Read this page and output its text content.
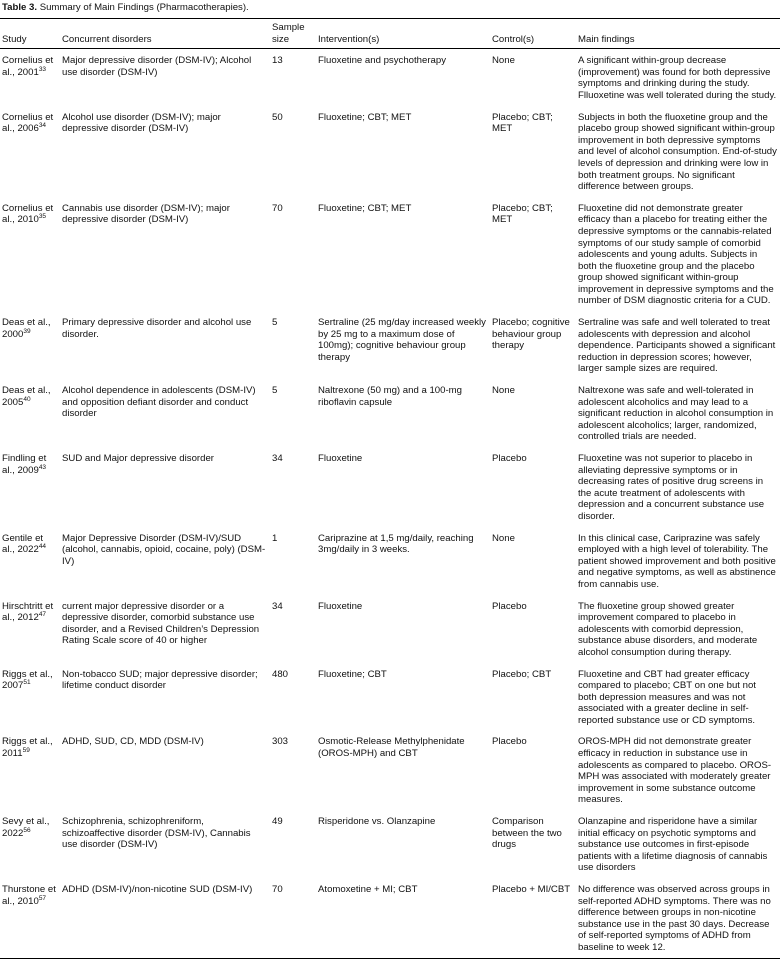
Table 3. Summary of Main Findings (Pharmacotherapies).
Study	Concurrent disorders	Sample size	Intervention(s)	Control(s)	Main findings
Cornelius et al., 2001$^{33}$	Major depressive disorder (DSM-IV); Alcohol use disorder (DSM-IV)	13	Fluoxetine and psychotherapy	None	A significant within-group decrease (improvement) was found for both depressive symptoms and drinking during the study. Flluoxetine was well tolerated during the study.
Cornelius et al., 2006$^{34}$	Alcohol use disorder (DSM-IV); major depressive disorder (DSM-IV)	50	Fluoxetine; CBT; MET	Placebo; CBT; MET	Subjects in both the fluoxetine group and the placebo group showed significant within-group improvement in both depressive symptoms and level of alcohol consumption. End-of-study levels of depression and drinking were low in both treatment groups. No significant difference between groups.
Cornelius et al., 2010$^{35}$	Cannabis use disorder (DSM-IV); major depressive disorder (DSM-IV)	70	Fluoxetine; CBT; MET	Placebo; CBT; MET	Fluoxetine did not demonstrate greater efficacy than a placebo for treating either the depressive symptoms or the cannabis-related symptoms of our study sample of comorbid adolescents and young adults. Subjects in both the fluoxetine group and the placebo group showed significant within-group improvement in depressive symptoms and the number of DSM diagnostic criteria for a CUD.
Deas et al., 2000$^{39}$	Primary depressive disorder and alcohol use disorder.	5	Sertraline (25 mg/day increased weekly by 25 mg to a maximum dose of 100mg); cognitive behaviour group therapy	Placebo; cognitive behaviour group therapy	Sertraline was safe and well tolerated to treat adolescents with depression and alcohol dependence. Participants showed a significant reduction in depression scores; however, larger sample sizes are required.
Deas et al., 2005$^{40}$	Alcohol dependence in adolescents (DSM-IV) and opposition defiant disorder and conduct disorder	5	Naltrexone (50 mg) and a 100-mg riboflavin capsule	None	Naltrexone was safe and well-tolerated in adolescent alcoholics and may lead to a significant reduction in alcohol consumption in adolescent alcoholics; larger, randomized, controlled trials are needed.
Findling et al., 2009$^{43}$	SUD and Major depressive disorder	34	Fluoxetine	Placebo	Fluoxetine was not superior to placebo in alleviating depressive symptoms or in decreasing rates of positive drug screens in the acute treatment of adolescents with depression and a concurrent substance use disorder.
Gentile et al., 2022$^{44}$	Major Depressive Disorder (DSM-IV)/SUD (alcohol, cannabis, opioid, cocaine, poly) (DSM-IV)	1	Cariprazine at 1,5 mg/daily, reaching 3mg/daily in 3 weeks.	None	In this clinical case, Cariprazine was safely employed with a high level of tolerability. The patient showed improvement and both positive and negative symptoms, as well as abstinence from cannabis use.
Hirschtritt et al., 2012$^{47}$	current major depressive disorder or a depressive disorder, comorbid substance use disorder, and a Revised Children’s Depression Rating Scale score of 40 or higher	34	Fluoxetine	Placebo	The fluoxetine group showed greater improvement compared to placebo in adolescents with comorbid depression, substance abuse disorders, and moderate alcohol consumption during therapy.
Riggs et al., 2007$^{51}$	Non-tobacco SUD; major depressive disorder; lifetime conduct disorder	480	Fluoxetine; CBT	Placebo; CBT	Fluoxetine and CBT had greater efficacy compared to placebo; CBT on one but not both depression measures and was not associated with a greater decline in self-reported substance use or CD symptoms.
Riggs et al., 2011$^{59}$	ADHD, SUD, CD, MDD (DSM-IV)	303	Osmotic-Release Methylphenidate (OROS-MPH) and CBT	Placebo	OROS-MPH did not demonstrate greater efficacy in reduction in substance use in adolescents as compared to placebo. OROS-MPH was associated with moderately greater improvement in some substance outcome measures.
Sevy et al., 2022$^{56}$	Schizophrenia, schizophreniform, schizoaffective disorder (DSM-IV), Cannabis use disorder (DSM-IV)	49	Risperidone vs. Olanzapine	Comparison between the two drugs	Olanzapine and risperidone have a similar initial efficacy on psychotic symptoms and substance use outcomes in first-episode patients with a lifetime diagnosis of cannabis use disorders
Thurstone et al., 2010$^{57}$	ADHD (DSM-IV)/non-nicotine SUD (DSM-IV)	70	Atomoxetine + MI; CBT	Placebo + MI/CBT	No difference was observed across groups in self-reported ADHD symptoms. There was no difference between groups in non-nicotine substance use in the past 30 days. Decrease of self-reported symptoms of ADHD from baseline to week 12.
